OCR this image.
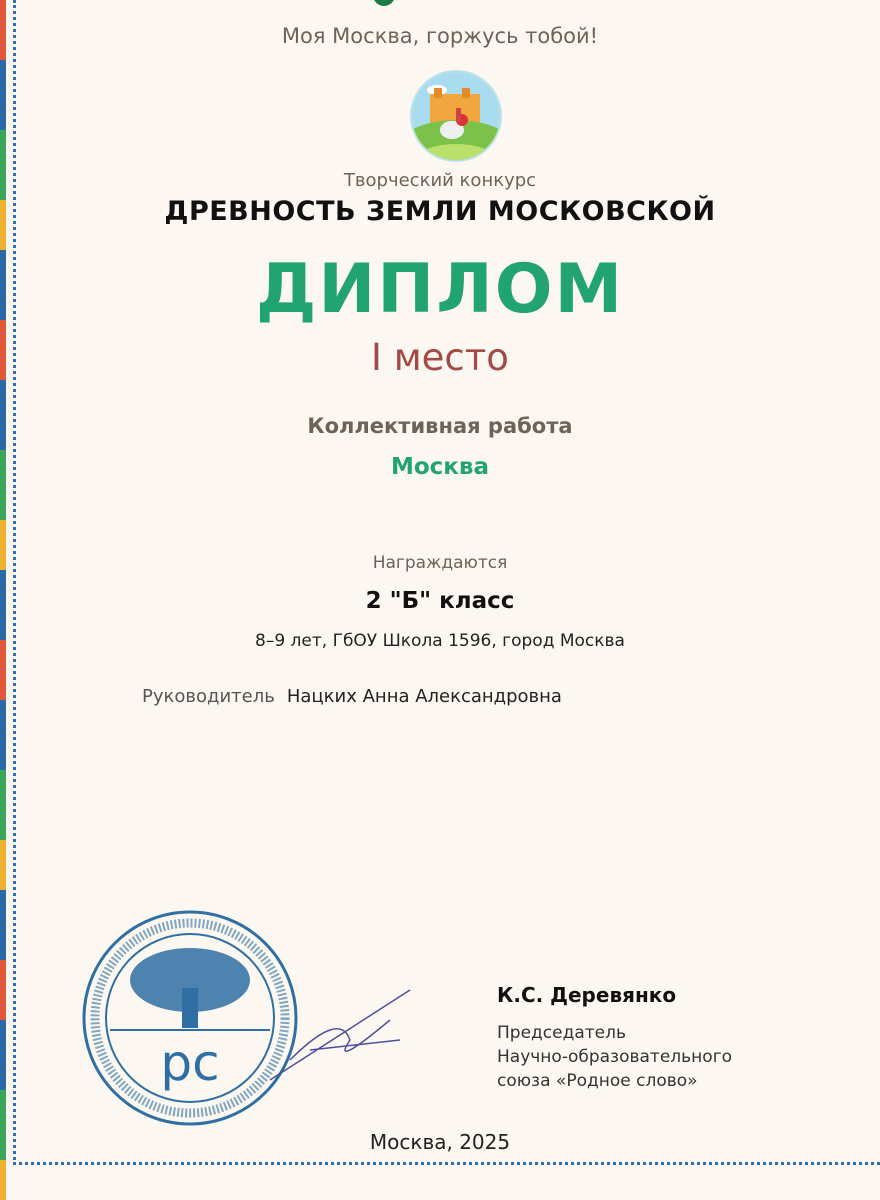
Моя Москва, горжусь тобой!
Творческий конкурс
ДРЕВНОСТЬ ЗЕМЛИ МОСКОВСКОЙ
ДИПЛОМ
I место
Коллективная работа
Москва
Награждаются
2 "Б" класс
8–9 лет, ГбОУ Школа 1596, город Москва
Руководитель Нацких Анна Александровна
рс
К.С. Деревянко
Председатель
Научно-образовательного
союза «Родное слово»
Москва, 2025
